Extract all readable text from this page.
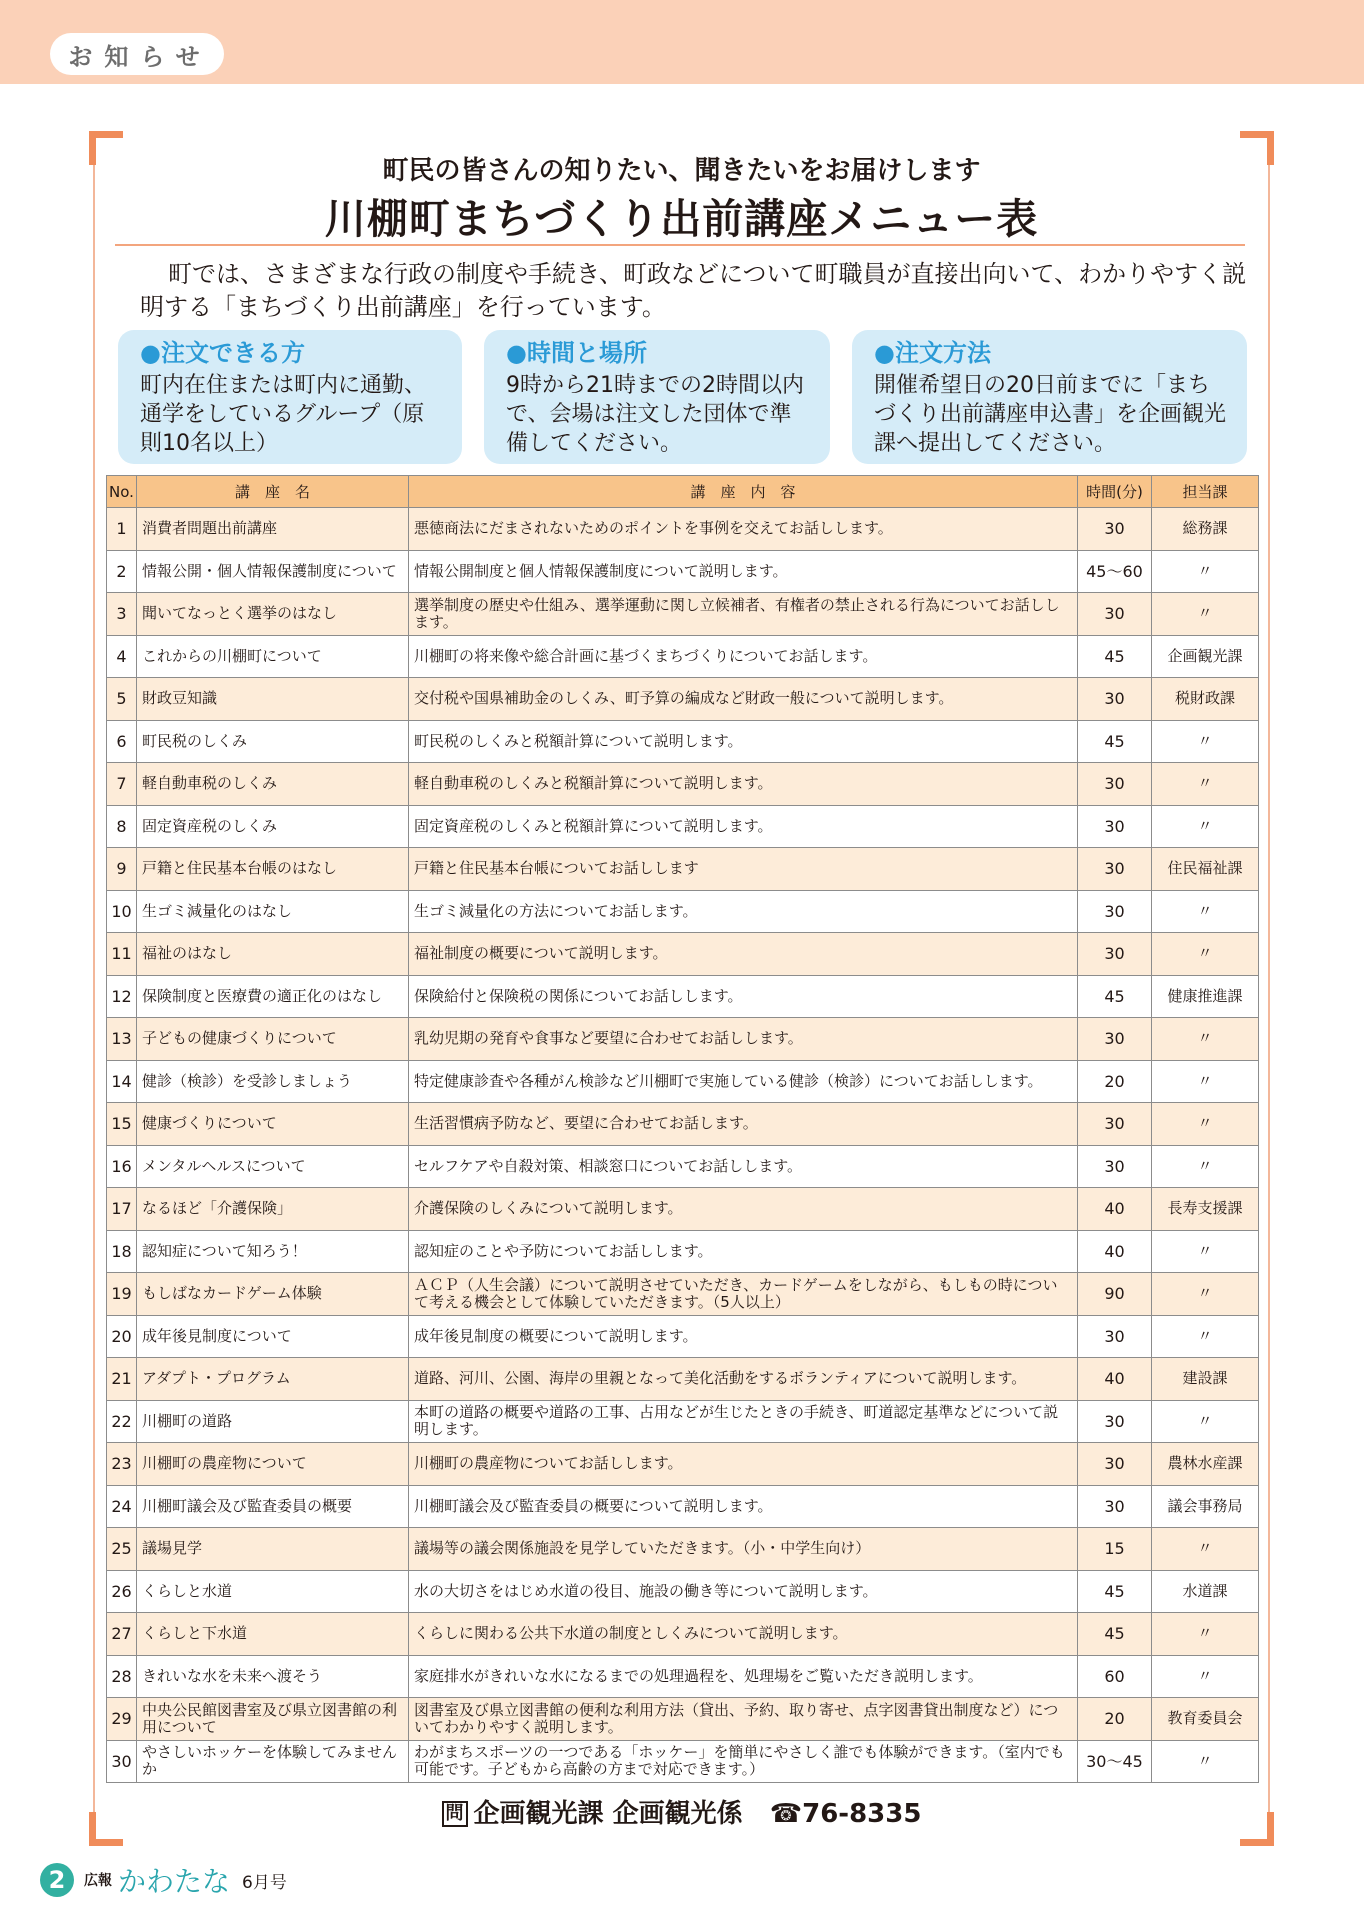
お知らせ
町民の皆さんの知りたい、聞きたいをお届けします
川棚町まちづくり出前講座メニュー表
町では、さまざまな行政の制度や手続き、町政などについて町職員が直接出向いて、わかりやすく説明する「まちづくり出前講座」を行っています。
●注文できる方
町内在住または町内に通勤、通学をしているグループ（原則10名以上）
●時間と場所
9時から21時までの2時間以内で、会場は注文した団体で準備してください。
●注文方法
開催希望日の20日前までに「まちづくり出前講座申込書」を企画観光課へ提出してください。
No.	講　座　名	講　座　内　容	時間(分)	担当課
1	消費者問題出前講座	悪徳商法にだまされないためのポイントを事例を交えてお話しします。	30	総務課
2	情報公開・個人情報保護制度について	情報公開制度と個人情報保護制度について説明します。	45～60	〃
3	聞いてなっとく選挙のはなし	選挙制度の歴史や仕組み、選挙運動に関し立候補者、有権者の禁止される行為についてお話しします。	30	〃
4	これからの川棚町について	川棚町の将来像や総合計画に基づくまちづくりについてお話します。	45	企画観光課
5	財政豆知識	交付税や国県補助金のしくみ、町予算の編成など財政一般について説明します。	30	税財政課
6	町民税のしくみ	町民税のしくみと税額計算について説明します。	45	〃
7	軽自動車税のしくみ	軽自動車税のしくみと税額計算について説明します。	30	〃
8	固定資産税のしくみ	固定資産税のしくみと税額計算について説明します。	30	〃
9	戸籍と住民基本台帳のはなし	戸籍と住民基本台帳についてお話しします	30	住民福祉課
10	生ゴミ減量化のはなし	生ゴミ減量化の方法についてお話します。	30	〃
11	福祉のはなし	福祉制度の概要について説明します。	30	〃
12	保険制度と医療費の適正化のはなし	保険給付と保険税の関係についてお話しします。	45	健康推進課
13	子どもの健康づくりについて	乳幼児期の発育や食事など要望に合わせてお話しします。	30	〃
14	健診（検診）を受診しましょう	特定健康診査や各種がん検診など川棚町で実施している健診（検診）についてお話しします。	20	〃
15	健康づくりについて	生活習慣病予防など、要望に合わせてお話します。	30	〃
16	メンタルヘルスについて	セルフケアや自殺対策、相談窓口についてお話しします。	30	〃
17	なるほど「介護保険」	介護保険のしくみについて説明します。	40	長寿支援課
18	認知症について知ろう！	認知症のことや予防についてお話しします。	40	〃
19	もしばなカードゲーム体験	ＡＣＰ（人生会議）について説明させていただき、カードゲームをしながら、もしもの時について考える機会として体験していただきます。（5人以上）	90	〃
20	成年後見制度について	成年後見制度の概要について説明します。	30	〃
21	アダプト・プログラム	道路、河川、公園、海岸の里親となって美化活動をするボランティアについて説明します。	40	建設課
22	川棚町の道路	本町の道路の概要や道路の工事、占用などが生じたときの手続き、町道認定基準などについて説明します。	30	〃
23	川棚町の農産物について	川棚町の農産物についてお話しします。	30	農林水産課
24	川棚町議会及び監査委員の概要	川棚町議会及び監査委員の概要について説明します。	30	議会事務局
25	議場見学	議場等の議会関係施設を見学していただきます。（小・中学生向け）	15	〃
26	くらしと水道	水の大切さをはじめ水道の役目、施設の働き等について説明します。	45	水道課
27	くらしと下水道	くらしに関わる公共下水道の制度としくみについて説明します。	45	〃
28	きれいな水を未来へ渡そう	家庭排水がきれいな水になるまでの処理過程を、処理場をご覧いただき説明します。	60	〃
29	中央公民館図書室及び県立図書館の利用について	図書室及び県立図書館の便利な利用方法（貸出、予約、取り寄せ、点字図書貸出制度など）についてわかりやすく説明します。	20	教育委員会
30	やさしいホッケーを体験してみませんか	わがまちスポーツの一つである「ホッケー」を簡単にやさしく誰でも体験ができます。（室内でも可能です。子どもから高齢の方まで対応できます。）	30～45	〃
問 企画観光課 企画観光係 ☎76-8335
2	広報 かわたな 6月号
